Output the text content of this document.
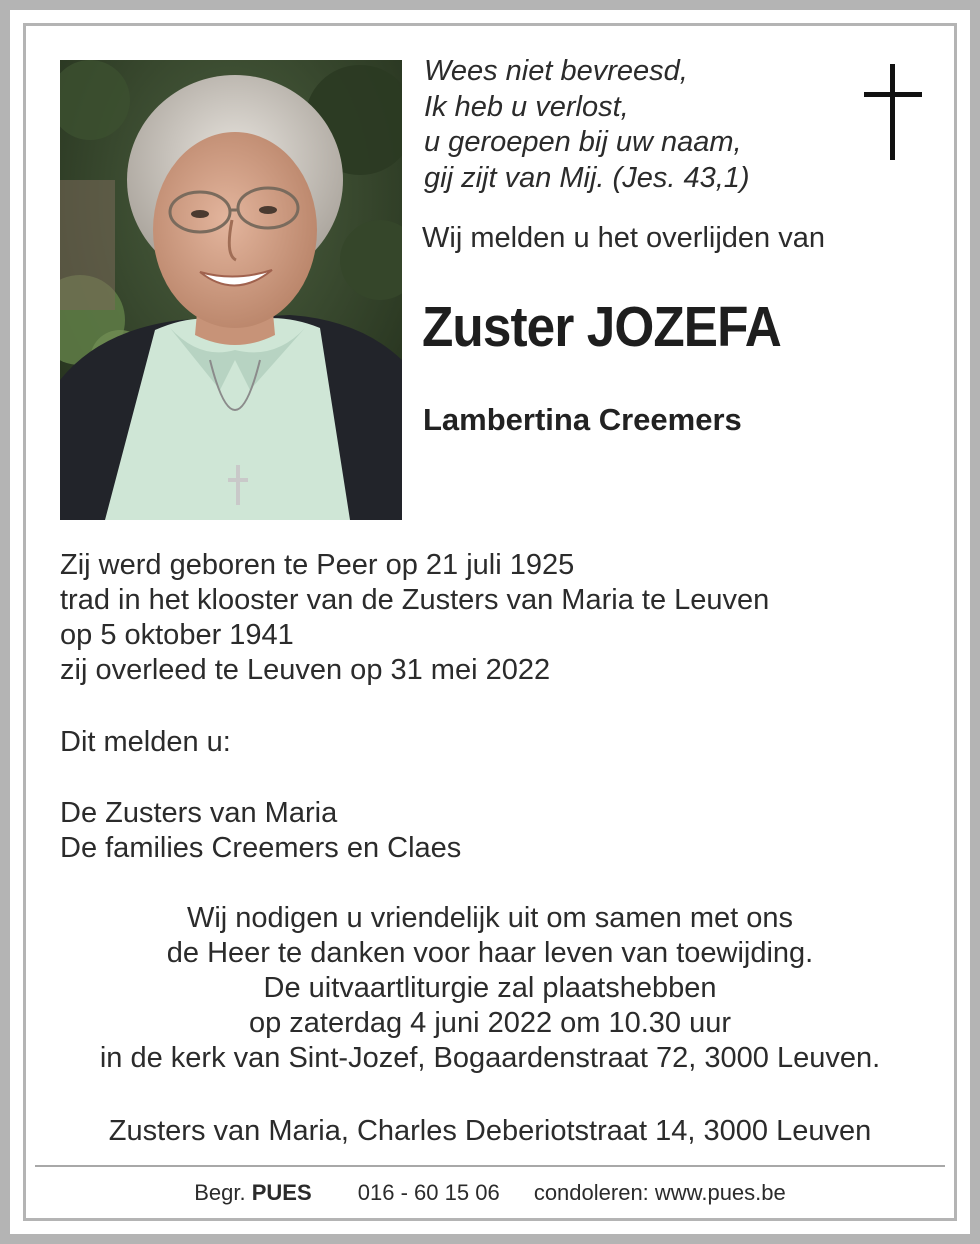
Wees niet bevreesd,
Ik heb u verlost,
u geroepen bij uw naam,
gij zijt van Mij. (Jes. 43,1)
Wij melden u het overlijden van
Zuster JOZEFA
Lambertina Creemers
Zij werd geboren te Peer op 21 juli 1925
trad in het klooster van de Zusters van Maria te Leuven
op 5 oktober 1941
zij overleed te Leuven op 31 mei 2022
Dit melden u:
De Zusters van Maria
De families Creemers en Claes
Wij nodigen u vriendelijk uit om samen met ons
de Heer te danken voor haar leven van toewijding.
De uitvaartliturgie zal plaatshebben
op zaterdag 4 juni 2022 om 10.30 uur
in de kerk van Sint-Jozef, Bogaardenstraat 72, 3000 Leuven.
Zusters van Maria, Charles Deberiotstraat 14, 3000 Leuven
Begr. PUES 016 - 60 15 06 condoleren: www.pues.be
